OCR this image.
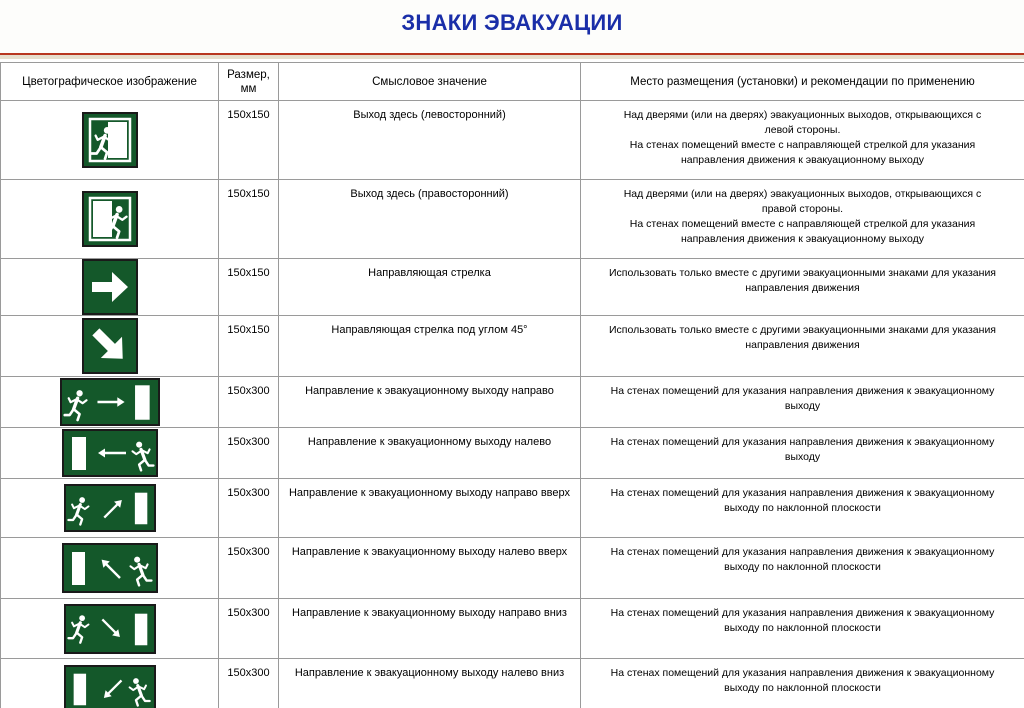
ЗНАКИ ЭВАКУАЦИИ
Цветографическое изображение	Размер, мм	Смысловое значение	Место размещения (установки) и рекомендации по применению

	150х150	Выход здесь (левосторонний)	Над дверями (или на дверях) эвакуационных выходов, открывающихся с
левой стороны.
На стенах помещений вместе с направляющей стрелкой для указания
направления движения к эвакуационному выходу

	150х150	Выход здесь (правосторонний)	Над дверями (или на дверях) эвакуационных выходов, открывающихся с
правой стороны.
На стенах помещений вместе с направляющей стрелкой для указания
направления движения к эвакуационному выходу

	150х150	Направляющая стрелка	Использовать только вместе с другими эвакуационными знаками для указания
направления движения

	150х150	Направляющая стрелка под углом 45°	Использовать только вместе с другими эвакуационными знаками для указания
направления движения

	150х300	Направление к эвакуационному выходу направо	На стенах помещений для указания направления движения к эвакуационному
выходу

	150х300	Направление к эвакуационному выходу налево	На стенах помещений для указания направления движения к эвакуационному
выходу

	150х300	Направление к эвакуационному выходу направо вверх	На стенах помещений для указания направления движения к эвакуационному
выходу по наклонной плоскости

	150х300	Направление к эвакуационному выходу налево вверх	На стенах помещений для указания направления движения к эвакуационному
выходу по наклонной плоскости

	150х300	Направление к эвакуационному выходу направо вниз	На стенах помещений для указания направления движения к эвакуационному
выходу по наклонной плоскости

	150х300	Направление к эвакуационному выходу налево вниз	На стенах помещений для указания направления движения к эвакуационному
выходу по наклонной плоскости
